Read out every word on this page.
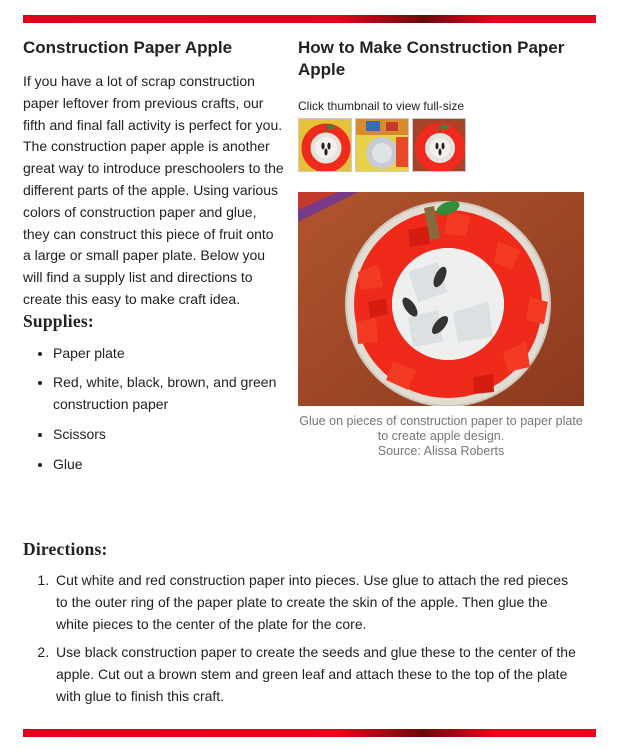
Construction Paper Apple

If you have a lot of scrap construction paper leftover from previous crafts, our fifth and final fall activity is perfect for you. The construction paper apple is another great way to introduce preschoolers to the different parts of the apple. Using various colors of construction paper and glue, they can construct this piece of fruit onto a large or small paper plate. Below you will find a supply list and directions to create this easy to make craft idea.

Supplies:
• Paper plate
• Red, white, black, brown, and green construction paper
• Scissors
• Glue
How to Make Construction Paper Apple
Click thumbnail to view full-size
Glue on pieces of construction paper to paper plate to create apple design.
Source: Alissa Roberts
Directions:
1. Cut white and red construction paper into pieces. Use glue to attach the red pieces to the outer ring of the paper plate to create the skin of the apple. Then glue the white pieces to the center of the plate for the core.
2. Use black construction paper to create the seeds and glue these to the center of the apple. Cut out a brown stem and green leaf and attach these to the top of the plate with glue to finish this craft.
